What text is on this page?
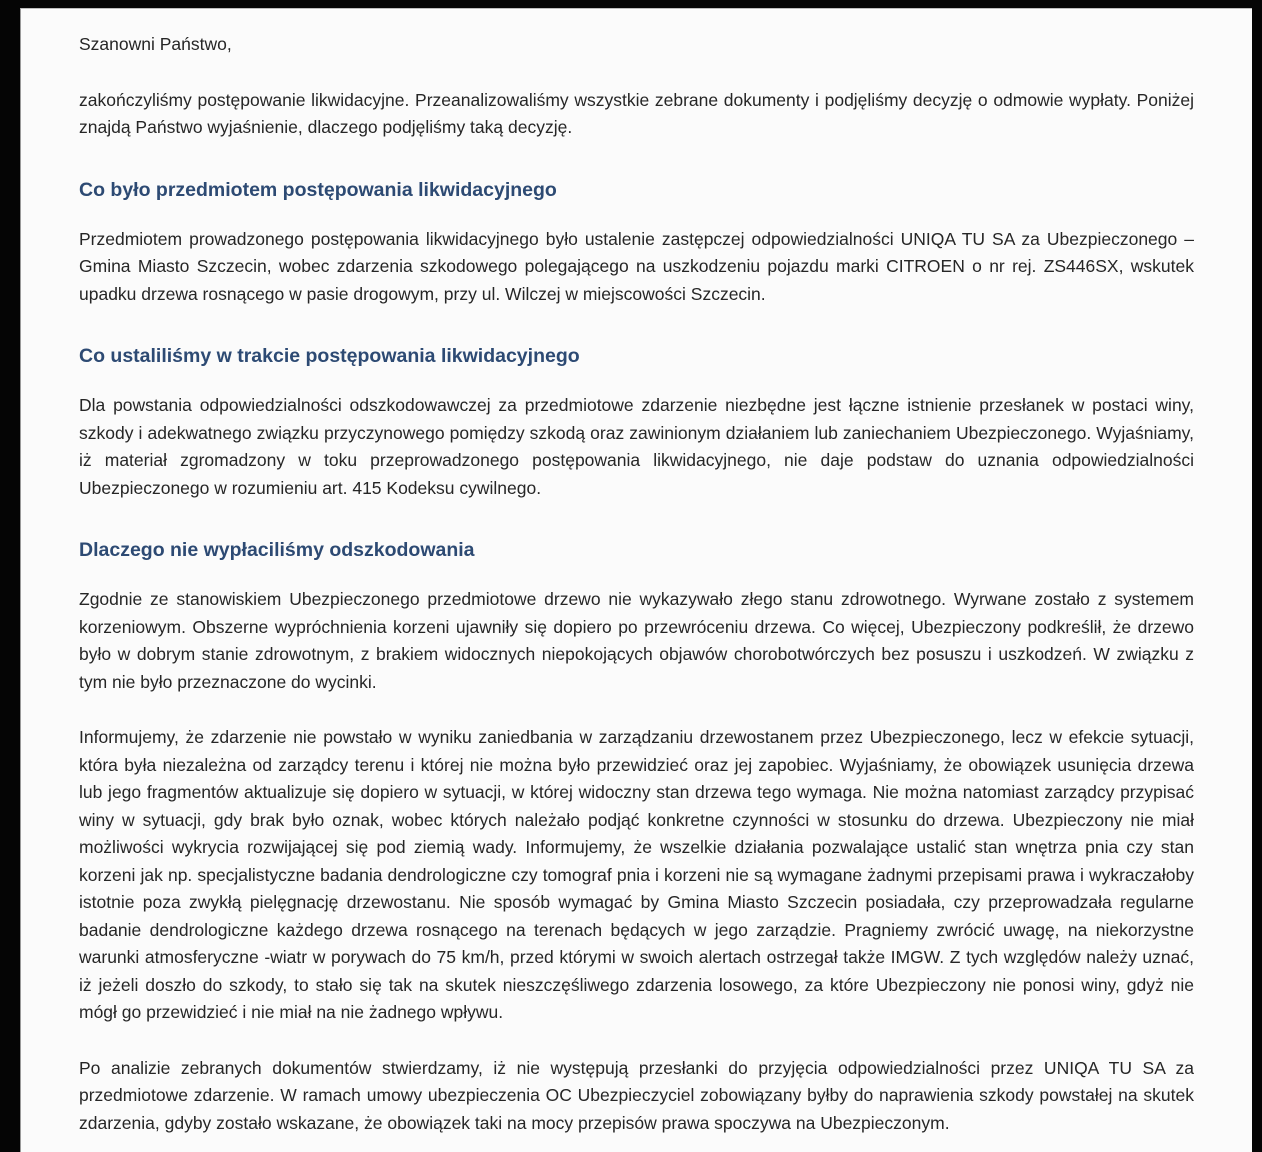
Szanowni Państwo,

zakończyliśmy postępowanie likwidacyjne. Przeanalizowaliśmy wszystkie zebrane dokumenty i podjęliśmy decyzję o odmowie wypłaty. Poniżej znajdą Państwo wyjaśnienie, dlaczego podjęliśmy taką decyzję.

Co było przedmiotem postępowania likwidacyjnego

Przedmiotem prowadzonego postępowania likwidacyjnego było ustalenie zastępczej odpowiedzialności UNIQA TU SA za Ubezpieczonego – Gmina Miasto Szczecin, wobec zdarzenia szkodowego polegającego na uszkodzeniu pojazdu marki CITROEN o nr rej. ZS446SX, wskutek upadku drzewa rosnącego w pasie drogowym, przy ul. Wilczej w miejscowości Szczecin.

Co ustaliliśmy w trakcie postępowania likwidacyjnego

Dla powstania odpowiedzialności odszkodowawczej za przedmiotowe zdarzenie niezbędne jest łączne istnienie przesłanek w postaci winy, szkody i adekwatnego związku przyczynowego pomiędzy szkodą oraz zawinionym działaniem lub zaniechaniem Ubezpieczonego. Wyjaśniamy, iż materiał zgromadzony w toku przeprowadzonego postępowania likwidacyjnego, nie daje podstaw do uznania odpowiedzialności Ubezpieczonego w rozumieniu art. 415 Kodeksu cywilnego.

Dlaczego nie wypłaciliśmy odszkodowania

Zgodnie ze stanowiskiem Ubezpieczonego przedmiotowe drzewo nie wykazywało złego stanu zdrowotnego. Wyrwane zostało z systemem korzeniowym. Obszerne wypróchnienia korzeni ujawniły się dopiero po przewróceniu drzewa. Co więcej, Ubezpieczony podkreślił, że drzewo było w dobrym stanie zdrowotnym, z brakiem widocznych niepokojących objawów chorobotwórczych bez posuszu i uszkodzeń. W związku z tym nie było przeznaczone do wycinki.

Informujemy, że zdarzenie nie powstało w wyniku zaniedbania w zarządzaniu drzewostanem przez Ubezpieczonego, lecz w efekcie sytuacji, która była niezależna od zarządcy terenu i której nie można było przewidzieć oraz jej zapobiec. Wyjaśniamy, że obowiązek usunięcia drzewa lub jego fragmentów aktualizuje się dopiero w sytuacji, w której widoczny stan drzewa tego wymaga. Nie można natomiast zarządcy przypisać winy w sytuacji, gdy brak było oznak, wobec których należało podjąć konkretne czynności w stosunku do drzewa. Ubezpieczony nie miał możliwości wykrycia rozwijającej się pod ziemią wady. Informujemy, że wszelkie działania pozwalające ustalić stan wnętrza pnia czy stan korzeni jak np. specjalistyczne badania dendrologiczne czy tomograf pnia i korzeni nie są wymagane żadnymi przepisami prawa i wykraczałoby istotnie poza zwykłą pielęgnację drzewostanu. Nie sposób wymagać by Gmina Miasto Szczecin posiadała, czy przeprowadzała regularne badanie dendrologiczne każdego drzewa rosnącego na terenach będących w jego zarządzie. Pragniemy zwrócić uwagę, na niekorzystne warunki atmosferyczne -wiatr w porywach do 75 km/h, przed którymi w swoich alertach ostrzegał także IMGW. Z tych względów należy uznać, iż jeżeli doszło do szkody, to stało się tak na skutek nieszczęśliwego zdarzenia losowego, za które Ubezpieczony nie ponosi winy, gdyż nie mógł go przewidzieć i nie miał na nie żadnego wpływu.

Po analizie zebranych dokumentów stwierdzamy, iż nie występują przesłanki do przyjęcia odpowiedzialności przez UNIQA TU SA za przedmiotowe zdarzenie. W ramach umowy ubezpieczenia OC Ubezpieczyciel zobowiązany byłby do naprawienia szkody powstałej na skutek zdarzenia, gdyby zostało wskazane, że obowiązek taki na mocy przepisów prawa spoczywa na Ubezpieczonym.
